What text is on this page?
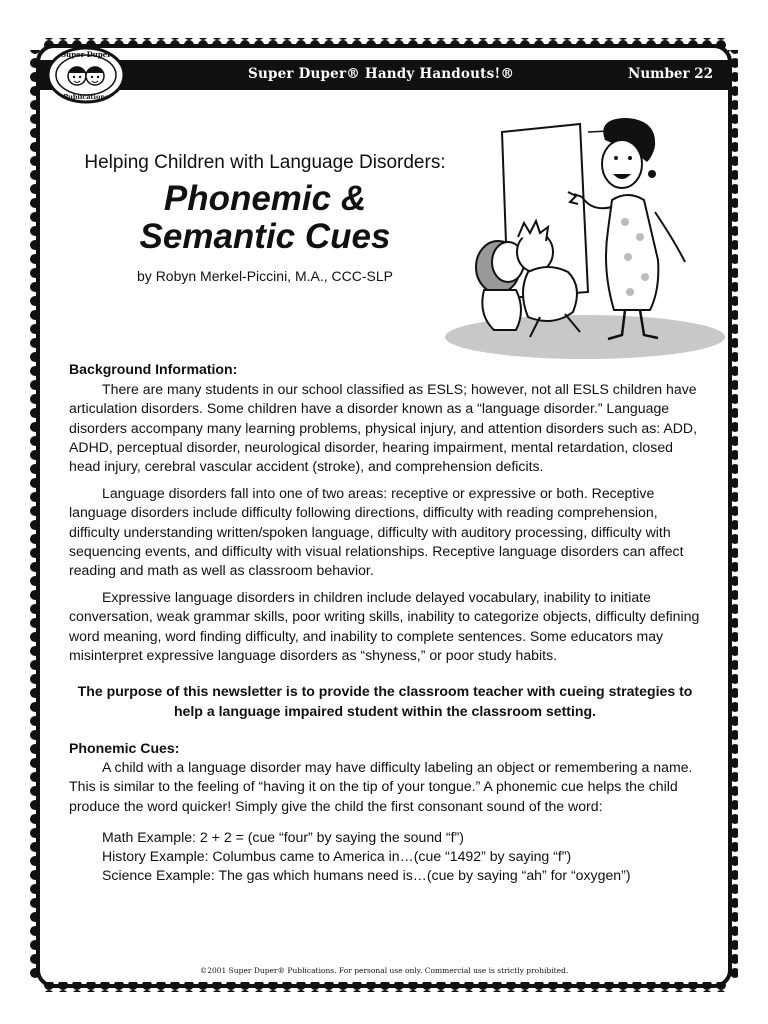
Super Duper
Publications
Super Duper® Handy Handouts!®	Number 22
Helping Children with Language Disorders:
Phonemic &
Semantic Cues
by Robyn Merkel-Piccini, M.A., CCC-SLP

Background Information:

There are many students in our school classified as ESLS; however, not all ESLS children have articulation disorders. Some children have a disorder known as a “language disorder.” Language disorders accompany many learning problems, physical injury, and attention disorders such as: ADD, ADHD, perceptual disorder, neurological disorder, hearing impairment, mental retardation, closed head injury, cerebral vascular accident (stroke), and comprehension deficits.

Language disorders fall into one of two areas: receptive or expressive or both. Receptive language disorders include difficulty following directions, difficulty with reading comprehension, difficulty understanding written/spoken language, difficulty with auditory processing, difficulty with sequencing events, and difficulty with visual relationships. Receptive language disorders can affect reading and math as well as classroom behavior.

Expressive language disorders in children include delayed vocabulary, inability to initiate conversation, weak grammar skills, poor writing skills, inability to categorize objects, difficulty defining word meaning, word finding difficulty, and inability to complete sentences. Some educators may misinterpret expressive language disorders as “shyness,” or poor study habits.

The purpose of this newsletter is to provide the classroom teacher with cueing strategies to
help a language impaired student within the classroom setting.

Phonemic Cues:

A child with a language disorder may have difficulty labeling an object or remembering a name. This is similar to the feeling of “having it on the tip of your tongue.” A phonemic cue helps the child produce the word quicker! Simply give the child the first consonant sound of the word:

Math Example: 2 + 2 = (cue “four” by saying the sound “f”)
History Example: Columbus came to America in…(cue “1492” by saying “f”)
Science Example: The gas which humans need is…(cue by saying “ah” for “oxygen”)
©2001 Super Duper® Publications. For personal use only. Commercial use is strictly prohibited.
